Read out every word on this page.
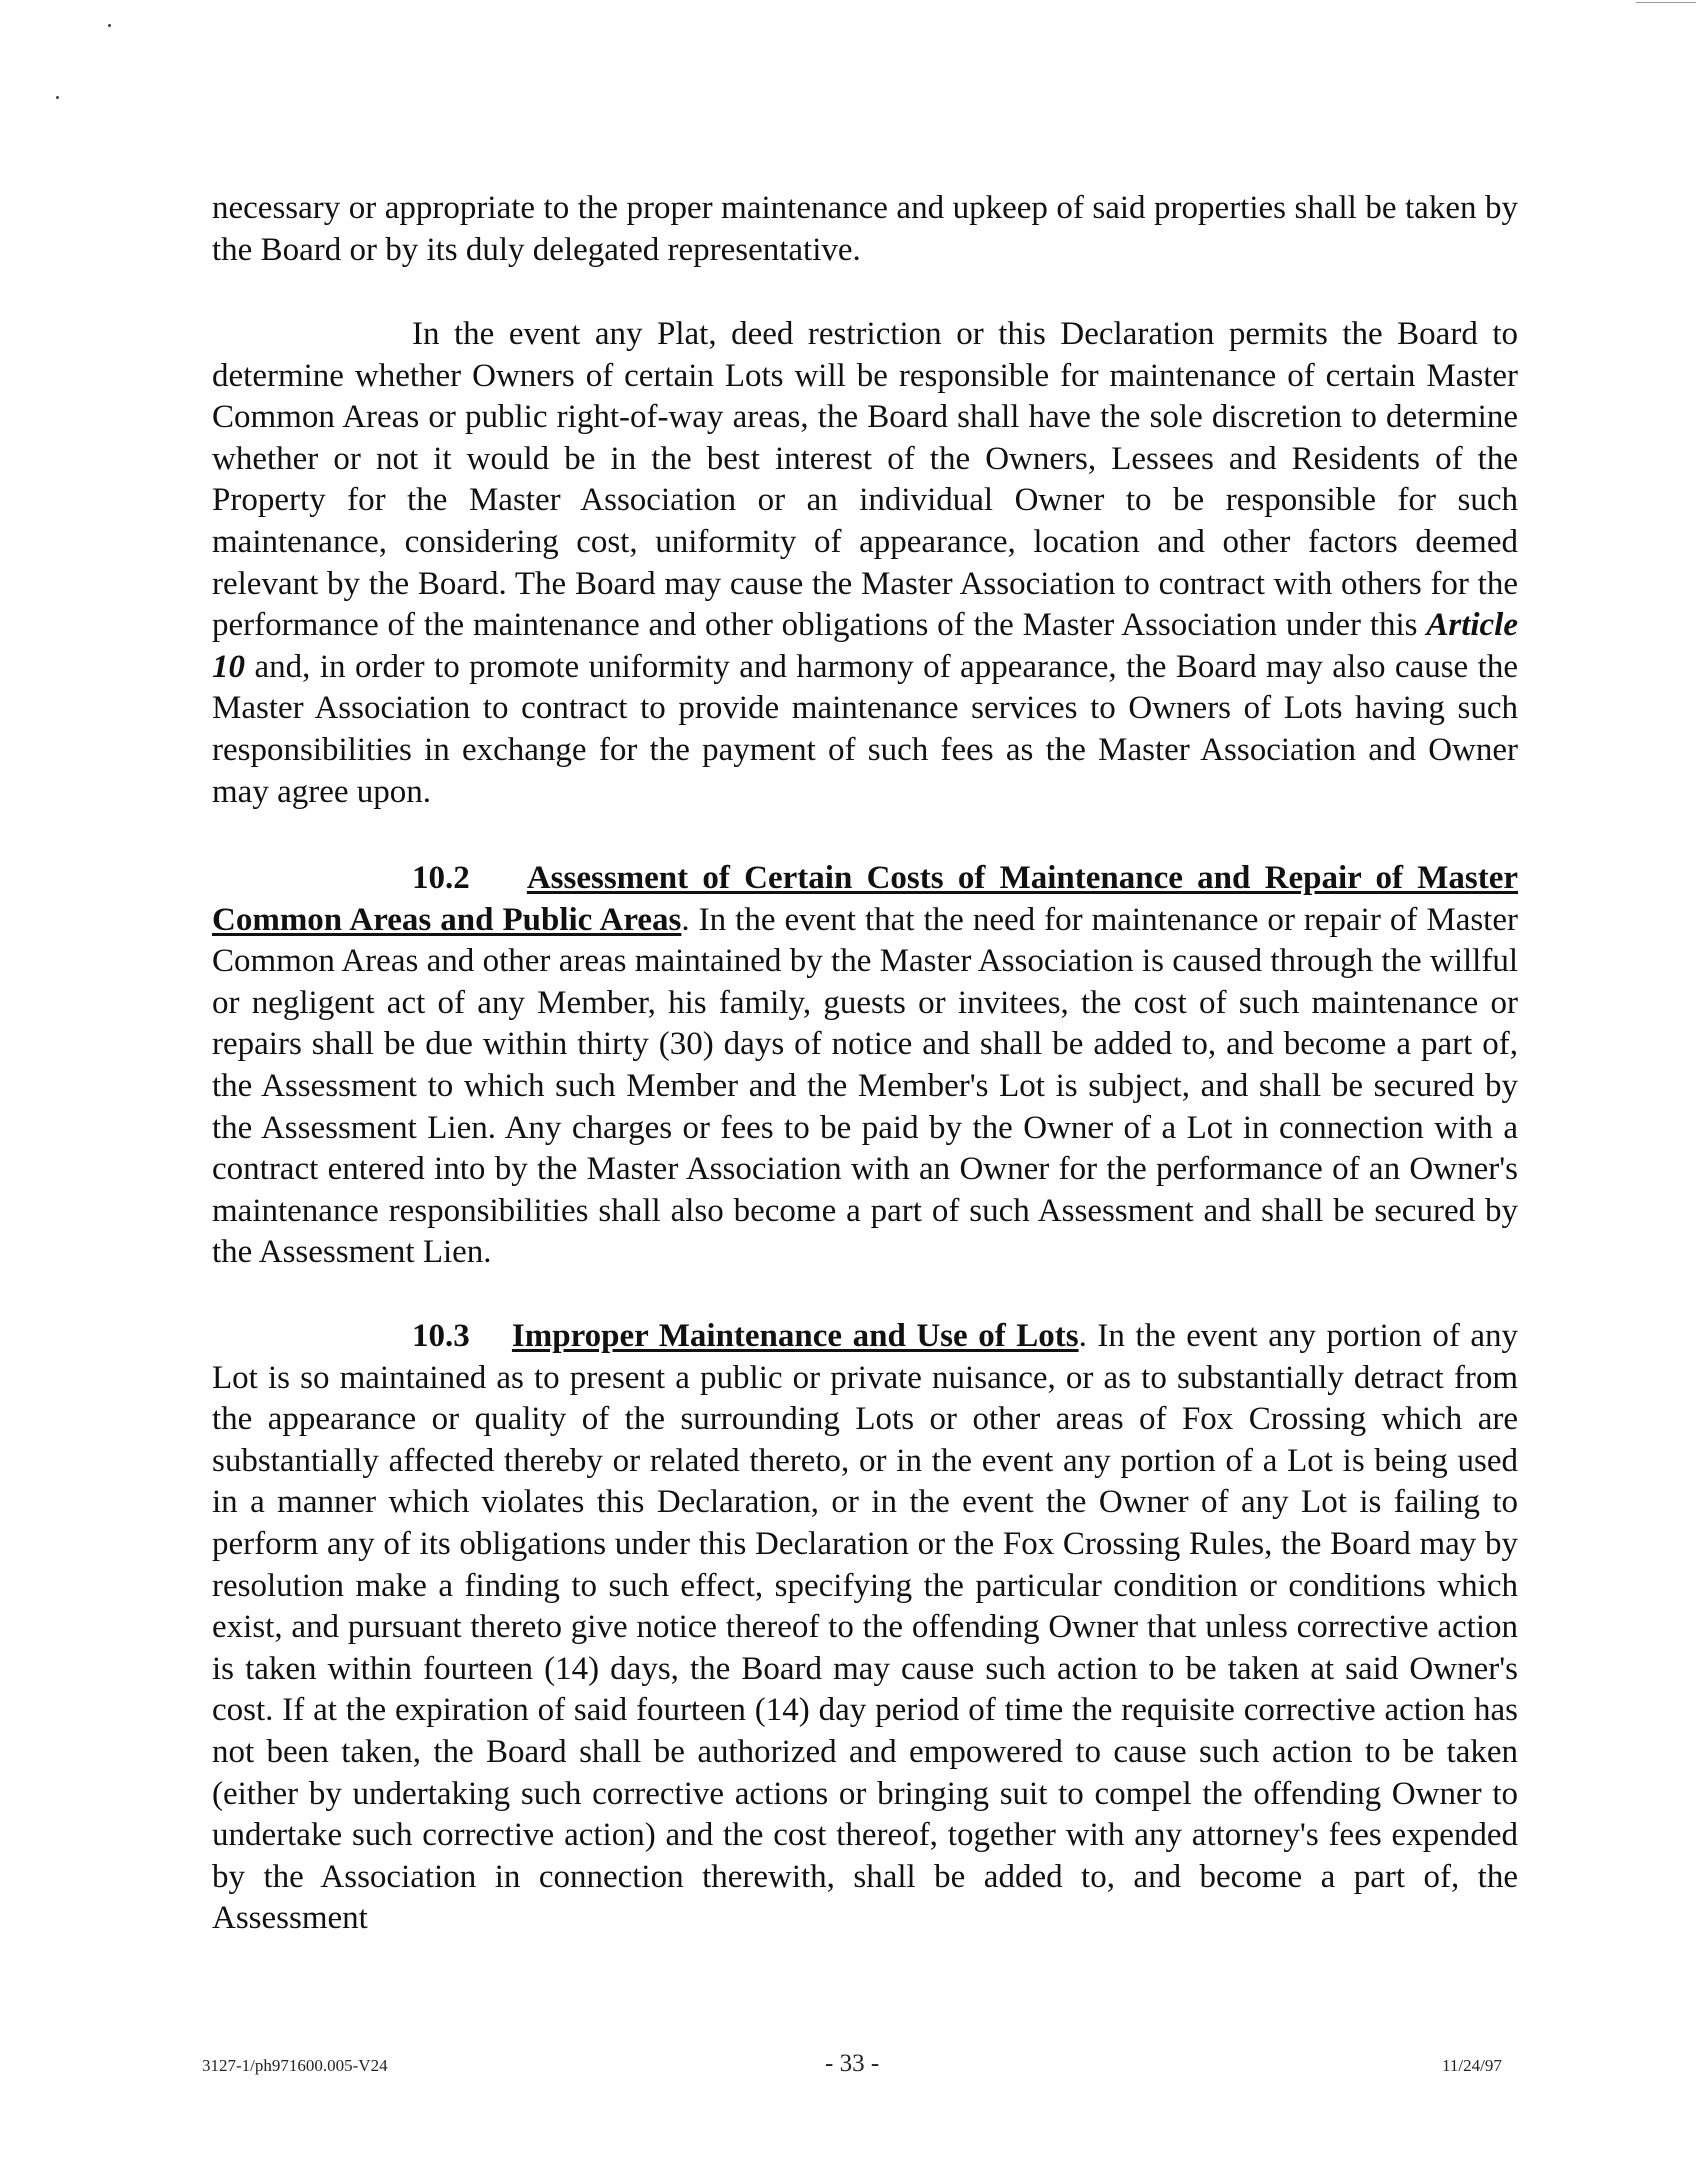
necessary or appropriate to the proper maintenance and upkeep of said properties shall be taken by the Board or by its duly delegated representative.

In the event any Plat, deed restriction or this Declaration permits the Board to determine whether Owners of certain Lots will be responsible for maintenance of certain Master Common Areas or public right-of-way areas, the Board shall have the sole discretion to determine whether or not it would be in the best interest of the Owners, Lessees and Residents of the Property for the Master Association or an individual Owner to be responsible for such maintenance, considering cost, uniformity of appearance, location and other factors deemed relevant by the Board. The Board may cause the Master Association to contract with others for the performance of the maintenance and other obligations of the Master Association under this Article 10 and, in order to promote uniformity and harmony of appearance, the Board may also cause the Master Association to contract to provide maintenance services to Owners of Lots having such responsibilities in exchange for the payment of such fees as the Master Association and Owner may agree upon.

10.2 Assessment of Certain Costs of Maintenance and Repair of Master Common Areas and Public Areas. In the event that the need for maintenance or repair of Master Common Areas and other areas maintained by the Master Association is caused through the willful or negligent act of any Member, his family, guests or invitees, the cost of such maintenance or repairs shall be due within thirty (30) days of notice and shall be added to, and become a part of, the Assessment to which such Member and the Member's Lot is subject, and shall be secured by the Assessment Lien. Any charges or fees to be paid by the Owner of a Lot in connection with a contract entered into by the Master Association with an Owner for the performance of an Owner's maintenance responsibilities shall also become a part of such Assessment and shall be secured by the Assessment Lien.

10.3 Improper Maintenance and Use of Lots. In the event any portion of any Lot is so maintained as to present a public or private nuisance, or as to substantially detract from the appearance or quality of the surrounding Lots or other areas of Fox Crossing which are substantially affected thereby or related thereto, or in the event any portion of a Lot is being used in a manner which violates this Declaration, or in the event the Owner of any Lot is failing to perform any of its obligations under this Declaration or the Fox Crossing Rules, the Board may by resolution make a finding to such effect, specifying the particular condition or conditions which exist, and pursuant thereto give notice thereof to the offending Owner that unless corrective action is taken within fourteen (14) days, the Board may cause such action to be taken at said Owner's cost. If at the expiration of said fourteen (14) day period of time the requisite corrective action has not been taken, the Board shall be authorized and empowered to cause such action to be taken (either by undertaking such corrective actions or bringing suit to compel the offending Owner to undertake such corrective action) and the cost thereof, together with any attorney's fees expended by the Association in connection therewith, shall be added to, and become a part of, the Assessment

3127-1/ph971600.005-V24	- 33 -	11/24/97
